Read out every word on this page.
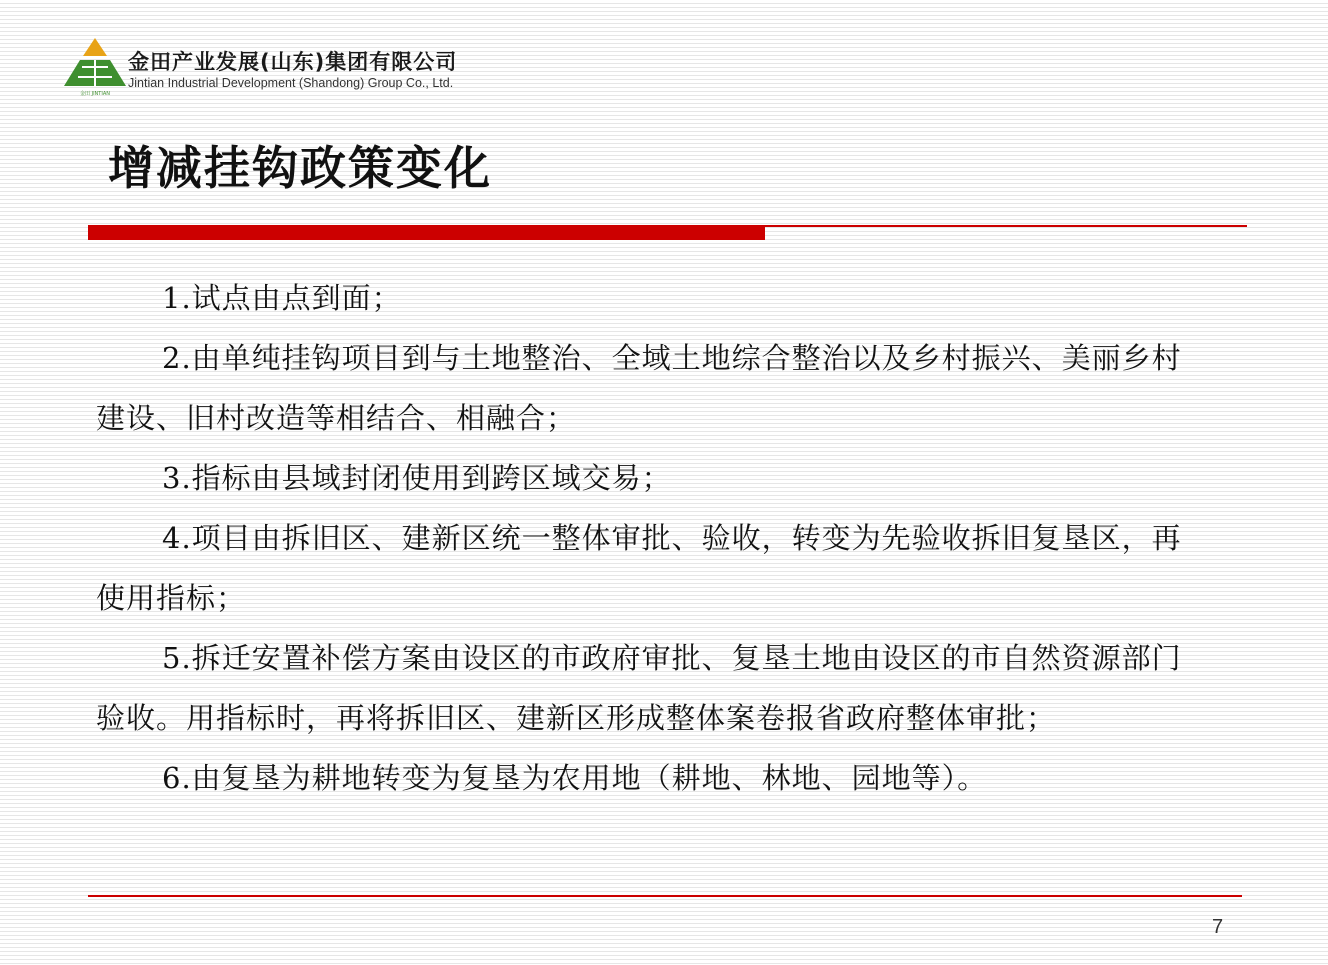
金田 JINTIAN
金田产业发展(山东)集团有限公司
Jintian Industrial Development (Shandong) Group Co., Ltd.
增减挂钩政策变化

1.试点由点到面；

2.由单纯挂钩项目到与土地整治、全域土地综合整治以及乡村振兴、美丽乡村建设、旧村改造等相结合、相融合；

3.指标由县域封闭使用到跨区域交易；

4.项目由拆旧区、建新区统一整体审批、验收，转变为先验收拆旧复垦区，再使用指标；

5.拆迁安置补偿方案由设区的市政府审批、复垦土地由设区的市自然资源部门验收。用指标时，再将拆旧区、建新区形成整体案卷报省政府整体审批；

6.由复垦为耕地转变为复垦为农用地（耕地、林地、园地等）。

7
